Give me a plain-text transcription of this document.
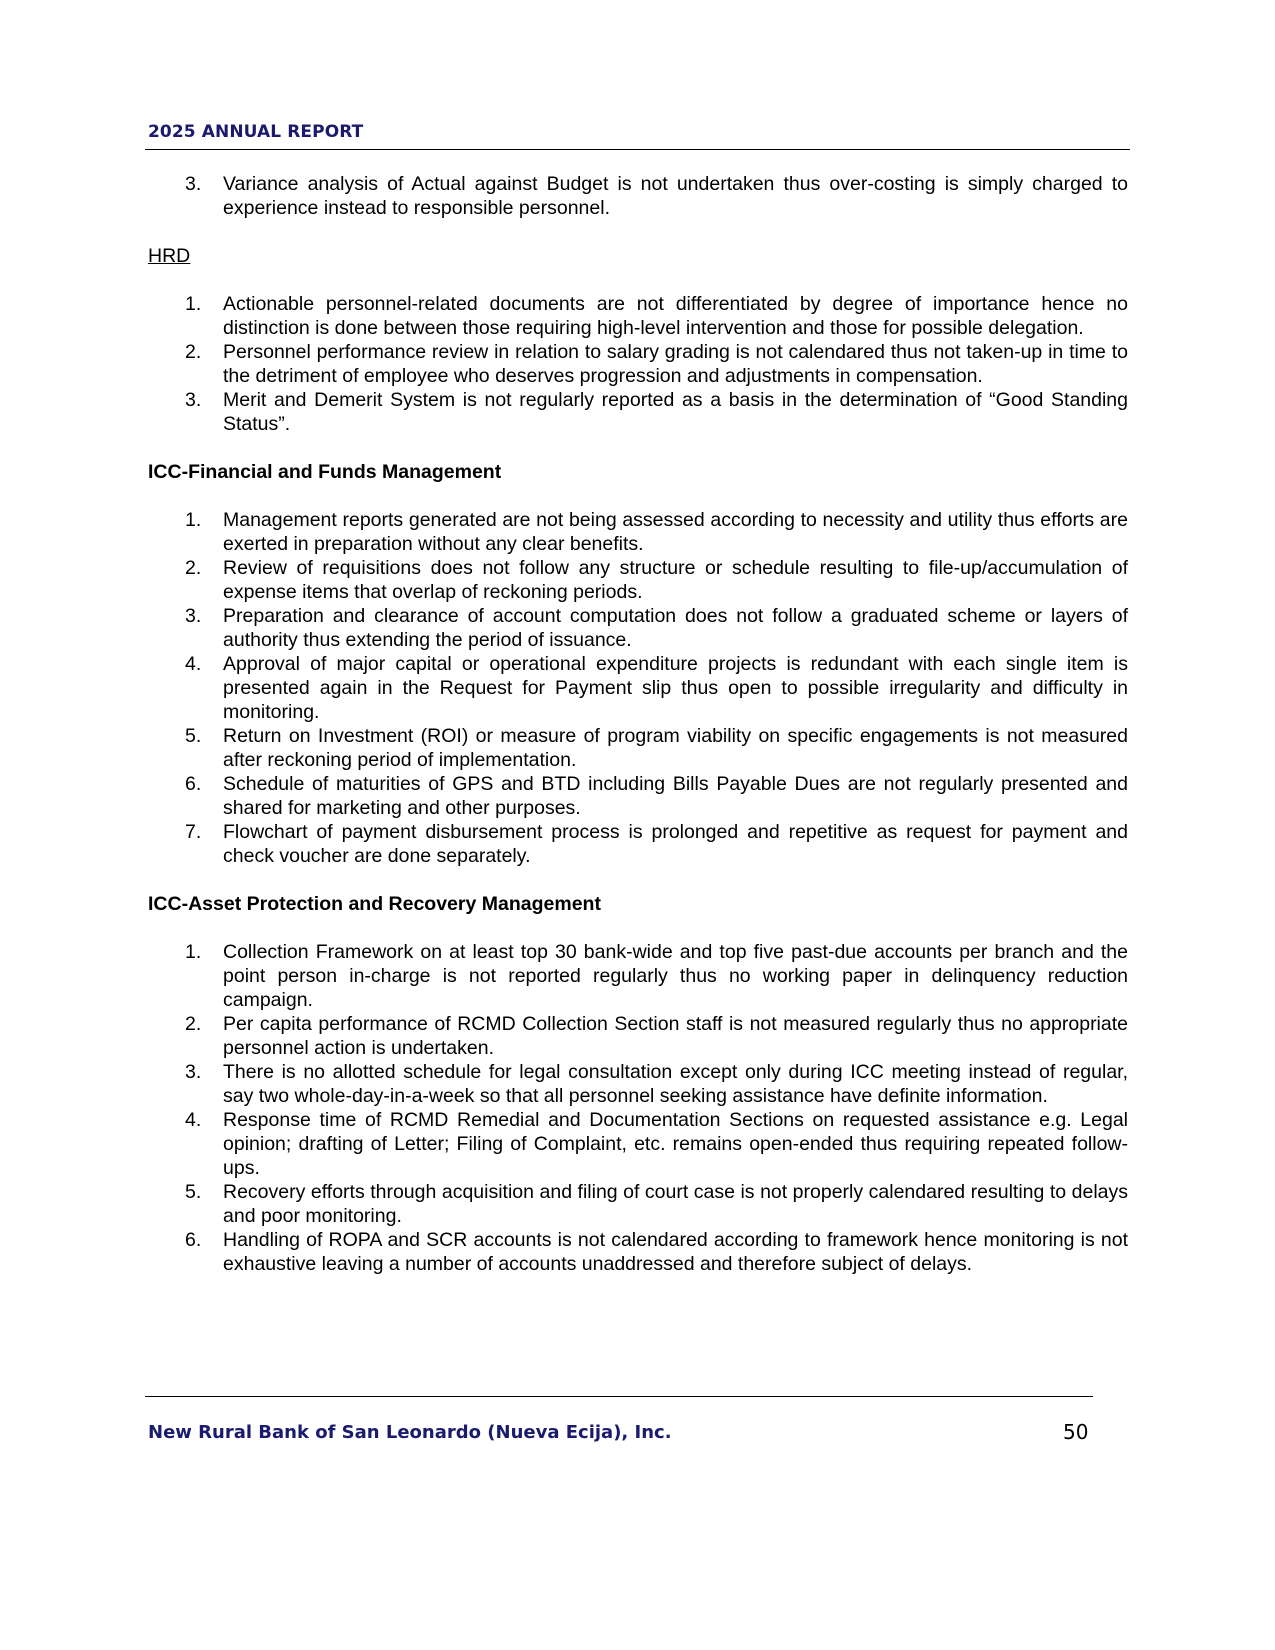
2025 ANNUAL REPORT
3. Variance analysis of Actual against Budget is not undertaken thus over-costing is simply charged to experience instead to responsible personnel.
HRD
1. Actionable personnel-related documents are not differentiated by degree of importance hence no distinction is done between those requiring high-level intervention and those for possible delegation.
2. Personnel performance review in relation to salary grading is not calendared thus not taken-up in time to the detriment of employee who deserves progression and adjustments in compensation.
3. Merit and Demerit System is not regularly reported as a basis in the determination of “Good Standing Status”.
ICC-Financial and Funds Management
1. Management reports generated are not being assessed according to necessity and utility thus efforts are exerted in preparation without any clear benefits.
2. Review of requisitions does not follow any structure or schedule resulting to file-up/accumulation of expense items that overlap of reckoning periods.
3. Preparation and clearance of account computation does not follow a graduated scheme or layers of authority thus extending the period of issuance.
4. Approval of major capital or operational expenditure projects is redundant with each single item is presented again in the Request for Payment slip thus open to possible irregularity and difficulty in monitoring.
5. Return on Investment (ROI) or measure of program viability on specific engagements is not measured after reckoning period of implementation.
6. Schedule of maturities of GPS and BTD including Bills Payable Dues are not regularly presented and shared for marketing and other purposes.
7. Flowchart of payment disbursement process is prolonged and repetitive as request for payment and check voucher are done separately.
ICC-Asset Protection and Recovery Management
1. Collection Framework on at least top 30 bank-wide and top five past-due accounts per branch and the point person in-charge is not reported regularly thus no working paper in delinquency reduction campaign.
2. Per capita performance of RCMD Collection Section staff is not measured regularly thus no appropriate personnel action is undertaken.
3. There is no allotted schedule for legal consultation except only during ICC meeting instead of regular, say two whole-day-in-a-week so that all personnel seeking assistance have definite information.
4. Response time of RCMD Remedial and Documentation Sections on requested assistance e.g. Legal opinion; drafting of Letter; Filing of Complaint, etc. remains open-ended thus requiring repeated follow-ups.
5. Recovery efforts through acquisition and filing of court case is not properly calendared resulting to delays and poor monitoring.
6. Handling of ROPA and SCR accounts is not calendared according to framework hence monitoring is not exhaustive leaving a number of accounts unaddressed and therefore subject of delays.
New Rural Bank of San Leonardo (Nueva Ecija), Inc.	50
